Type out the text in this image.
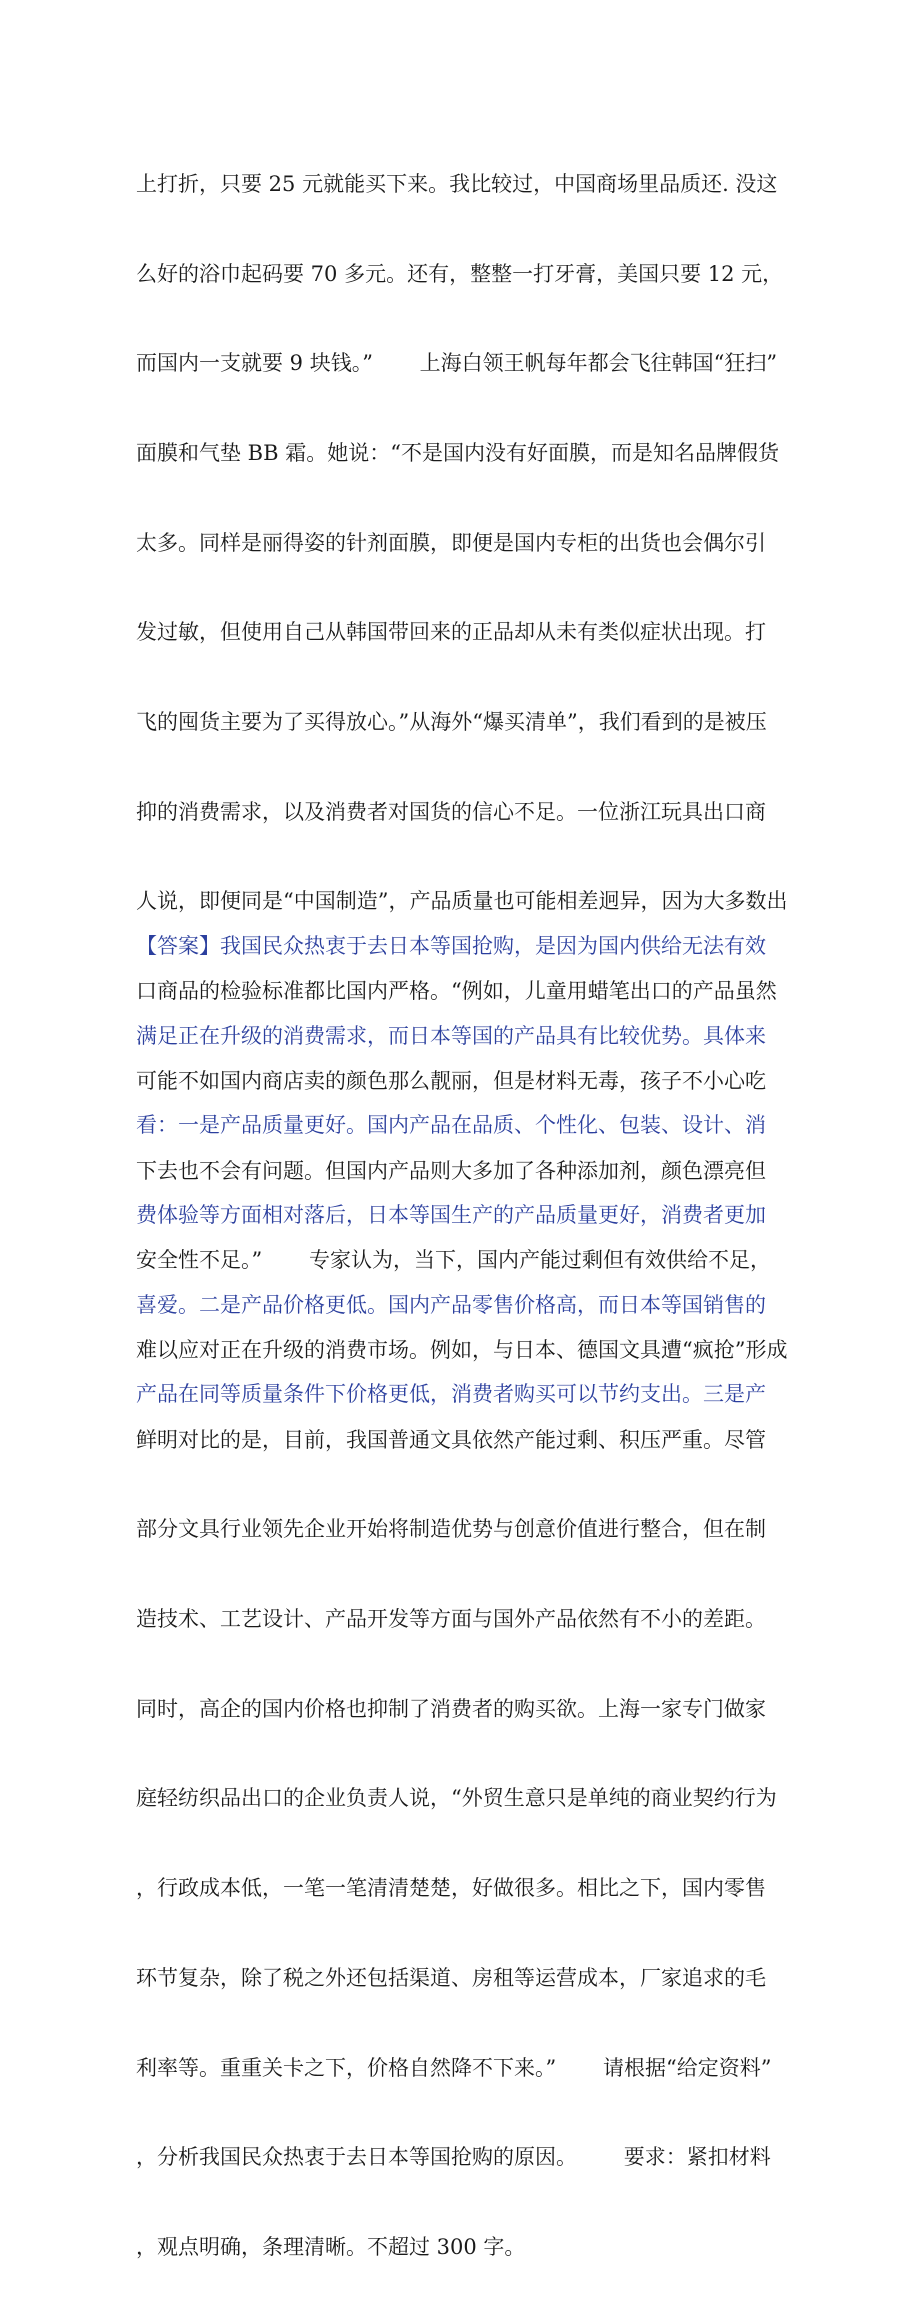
上打折，只要 25 元就能买下来。我比较过，中国商场里品质还. 没这

么好的浴巾起码要 70 多元。还有，整整一打牙膏，美国只要 12 元，

而国内一支就要 9 块钱。”       上海白领王帆每年都会飞往韩国“狂扫”

面膜和气垫 BB 霜。她说：“不是国内没有好面膜，而是知名品牌假货

太多。同样是丽得姿的针剂面膜，即便是国内专柜的出货也会偶尔引

发过敏，但使用自己从韩国带回来的正品却从未有类似症状出现。打

飞的囤货主要为了买得放心。”从海外“爆买清单”，我们看到的是被压

抑的消费需求，以及消费者对国货的信心不足。一位浙江玩具出口商

人说，即便同是“中国制造”，产品质量也可能相差迥异，因为大多数出

口商品的检验标准都比国内严格。“例如，儿童用蜡笔出口的产品虽然

可能不如国内商店卖的颜色那么靓丽，但是材料无毒，孩子不小心吃

下去也不会有问题。但国内产品则大多加了各种添加剂，颜色漂亮但

安全性不足。”       专家认为，当下，国内产能过剩但有效供给不足，

难以应对正在升级的消费市场。例如，与日本、德国文具遭“疯抢”形成

鲜明对比的是，目前，我国普通文具依然产能过剩、积压严重。尽管

部分文具行业领先企业开始将制造优势与创意价值进行整合，但在制

造技术、工艺设计、产品开发等方面与国外产品依然有不小的差距。

同时，高企的国内价格也抑制了消费者的购买欲。上海一家专门做家

庭轻纺织品出口的企业负责人说，“外贸生意只是单纯的商业契约行为

，行政成本低，一笔一笔清清楚楚，好做很多。相比之下，国内零售

环节复杂，除了税之外还包括渠道、房租等运营成本，厂家追求的毛

利率等。重重关卡之下，价格自然降不下来。”       请根据“给定资料”

，分析我国民众热衷于去日本等国抢购的原因。       要求：紧扣材料

，观点明确，条理清晰。不超过 300 字。

【答案】我国民众热衷于去日本等国抢购，是因为国内供给无法有效

满足正在升级的消费需求，而日本等国的产品具有比较优势。具体来

看：一是产品质量更好。国内产品在品质、个性化、包装、设计、消

费体验等方面相对落后，日本等国生产的产品质量更好，消费者更加

喜爱。二是产品价格更低。国内产品零售价格高，而日本等国销售的

产品在同等质量条件下价格更低，消费者购买可以节约支出。三是产
